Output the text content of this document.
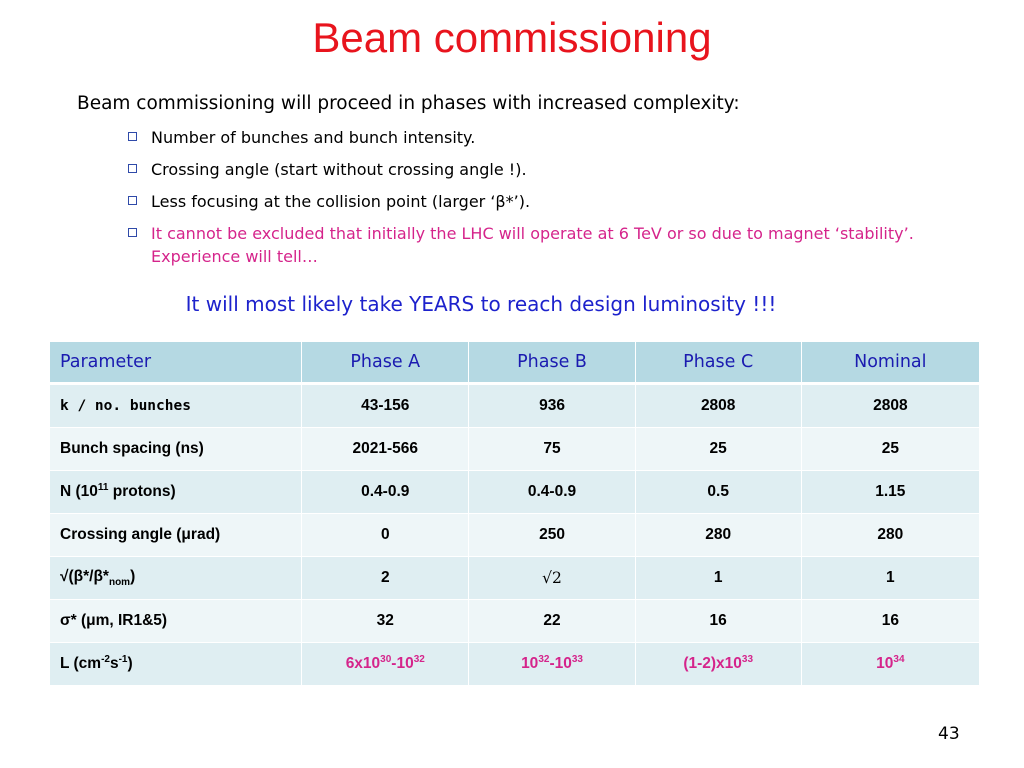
Beam commissioning
Beam commissioning will proceed in phases with increased complexity:
Number of bunches and bunch intensity.
Crossing angle (start without crossing angle !).
Less focusing at the collision point (larger ‘β*’).
It cannot be excluded that initially the LHC will operate at 6 TeV or so due to magnet ‘stability’. Experience will tell…
It will most likely take YEARS to reach design luminosity !!!
Parameter	Phase A	Phase B	Phase C	Nominal
k / no. bunches	43-156	936	2808	2808
Bunch spacing (ns)	2021-566	75	25	25
N ($10^{11}$ protons)	0.4-0.9	0.4-0.9	0.5	1.15
Crossing angle (μrad)	0	250	280	280
$√(\beta*/\beta*_{nom})$	2	√2	1	1
σ* (μm, IR1&5)	32	22	16	16
L $(cm^{-2}s^{-1})$	$6x10^{30}-10^{32}$	$10^{32}-10^{33}$	$(1-2)x10^{33}$	$10^{34}$
43
